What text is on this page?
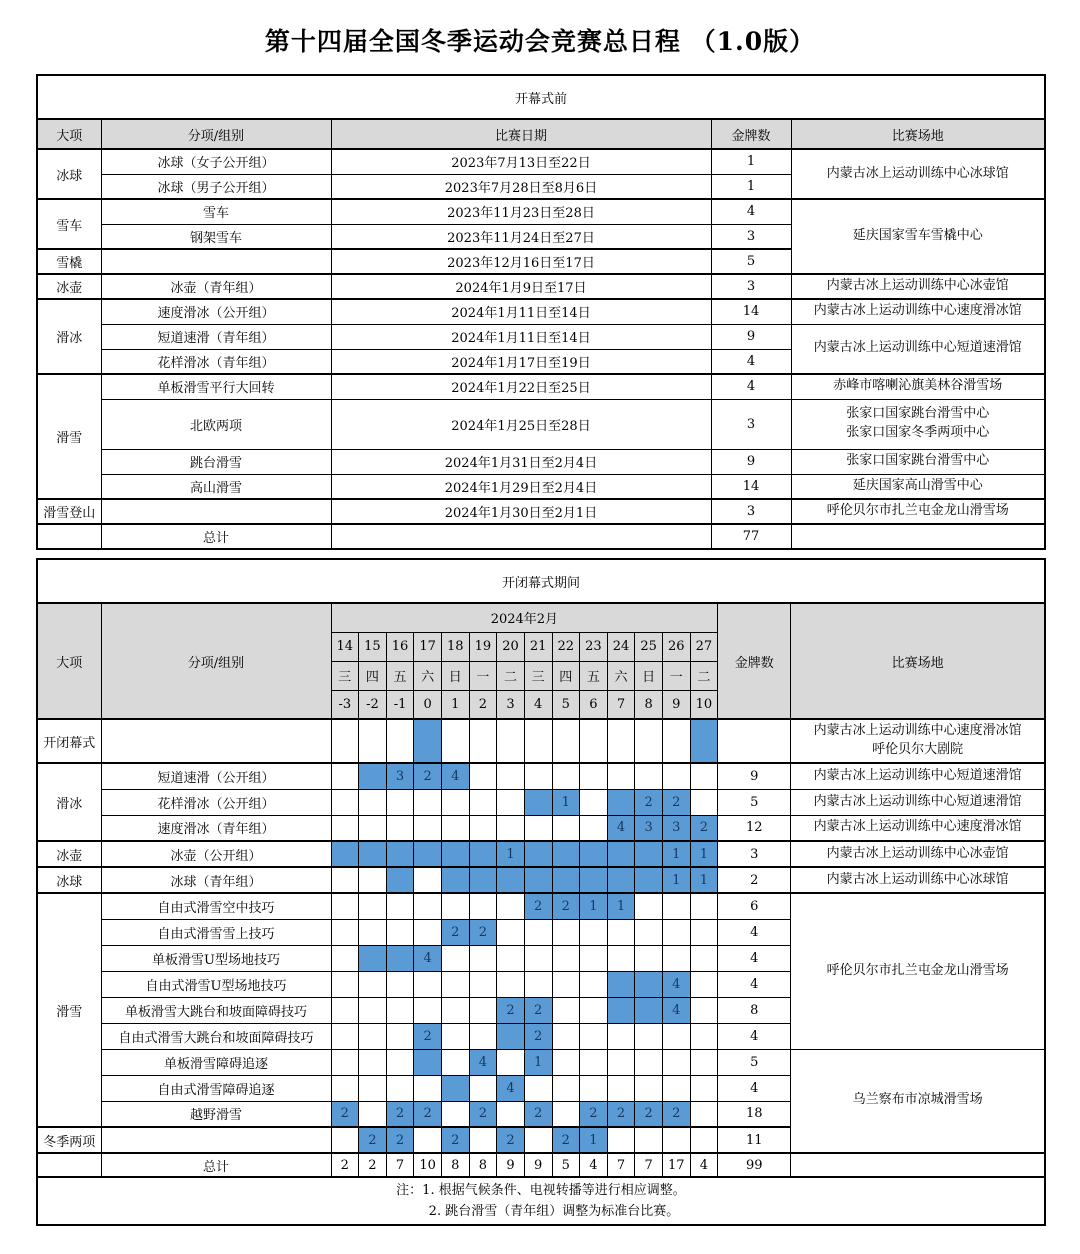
第十四届全国冬季运动会竞赛总日程 （1.0版）
开幕式前				
大项	分项/组别	比赛日期	金牌数	比赛场地
冰球	冰球（女子公开组）	2023年7月13日至22日	1	内蒙古冰上运动训练中心冰球馆
	冰球（男子公开组）	2023年7月28日至8月6日	1	
雪车	雪车	2023年11月23日至28日	4	延庆国家雪车雪橇中心
	钢架雪车	2023年11月24日至27日	3	
雪橇		2023年12月16日至17日	5	
冰壶	冰壶（青年组）	2024年1月9日至17日	3	内蒙古冰上运动训练中心冰壶馆
滑冰	速度滑冰（公开组）	2024年1月11日至14日	14	内蒙古冰上运动训练中心速度滑冰馆
	短道速滑（青年组）	2024年1月11日至14日	9	内蒙古冰上运动训练中心短道速滑馆
	花样滑冰（青年组）	2024年1月17日至19日	4	
滑雪	单板滑雪平行大回转	2024年1月22日至25日	4	赤峰市喀喇沁旗美林谷滑雪场
	北欧两项	2024年1月25日至28日	3	张家口国家跳台滑雪中心
张家口国家冬季两项中心
	跳台滑雪	2024年1月31日至2月4日	9	张家口国家跳台滑雪中心
	高山滑雪	2024年1月29日至2月4日	14	延庆国家高山滑雪中心
滑雪登山		2024年1月30日至2月1日	3	呼伦贝尔市扎兰屯金龙山滑雪场
	总计		77	
开闭幕式期间																	
大项	分项/组别	2024年2月														金牌数	比赛场地
		14	15	16	17	18	19	20	21	22	23	24	25	26	27		
		三	四	五	六	日	一	二	三	四	五	六	日	一	二		
		-3	-2	-1	0	1	2	3	4	5	6	7	8	9	10		
开闭幕式																	内蒙古冰上运动训练中心速度滑冰馆
呼伦贝尔大剧院
滑冰	短道速滑（公开组）			3	2	4										9	内蒙古冰上运动训练中心短道速滑馆
	花样滑冰（公开组）									1			2	2		5	内蒙古冰上运动训练中心短道速滑馆
	速度滑冰（青年组）											4	3	3	2	12	内蒙古冰上运动训练中心速度滑冰馆
冰壶	冰壶（公开组）							1						1	1	3	内蒙古冰上运动训练中心冰壶馆
冰球	冰球（青年组）													1	1	2	内蒙古冰上运动训练中心冰球馆
滑雪	自由式滑雪空中技巧								2	2	1	1				6	呼伦贝尔市扎兰屯金龙山滑雪场
	自由式滑雪雪上技巧					2	2									4	
	单板滑雪U型场地技巧				4											4	
	自由式滑雪U型场地技巧													4		4	
	单板滑雪大跳台和坡面障碍技巧							2	2					4		8	
	自由式滑雪大跳台和坡面障碍技巧				2				2							4	
	单板滑雪障碍追逐						4		1							5	乌兰察布市凉城滑雪场
	自由式滑雪障碍追逐							4								4	
	越野滑雪	2		2	2		2		2		2	2	2	2		18	
冬季两项			2	2		2		2		2	1					11	
	总计	2	2	7	10	8	8	9	9	5	4	7	7	17	4	99	

注：1. 根据气候条件、电视转播等进行相应调整。
2. 跳台滑雪（青年组）调整为标准台比赛。																	
